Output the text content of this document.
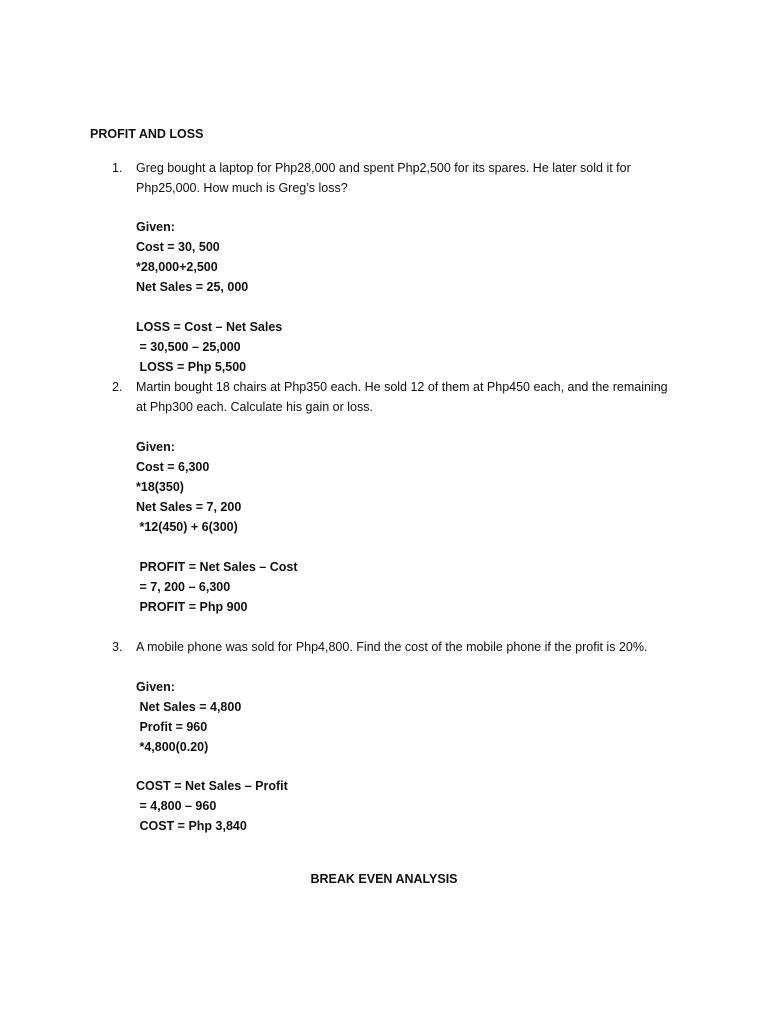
PROFIT AND LOSS
1.	Greg bought a laptop for Php28,000 and spent Php2,500 for its spares. He later sold it for
Php25,000. How much is Greg’s loss?
Given:
Cost = 30, 500
*28,000+2,500
Net Sales = 25, 000
LOSS = Cost – Net Sales
= 30,500 – 25,000
LOSS = Php 5,500
2.	Martin bought 18 chairs at Php350 each. He sold 12 of them at Php450 each, and the remaining
at Php300 each. Calculate his gain or loss.
Given:
Cost = 6,300
*18(350)
Net Sales = 7, 200
*12(450) + 6(300)
PROFIT = Net Sales – Cost
= 7, 200 – 6,300
PROFIT = Php 900
3.	A mobile phone was sold for Php4,800. Find the cost of the mobile phone if the profit is 20%.
Given:
Net Sales = 4,800
Profit = 960
*4,800(0.20)
COST = Net Sales – Profit
= 4,800 – 960
COST = Php 3,840
BREAK EVEN ANALYSIS
